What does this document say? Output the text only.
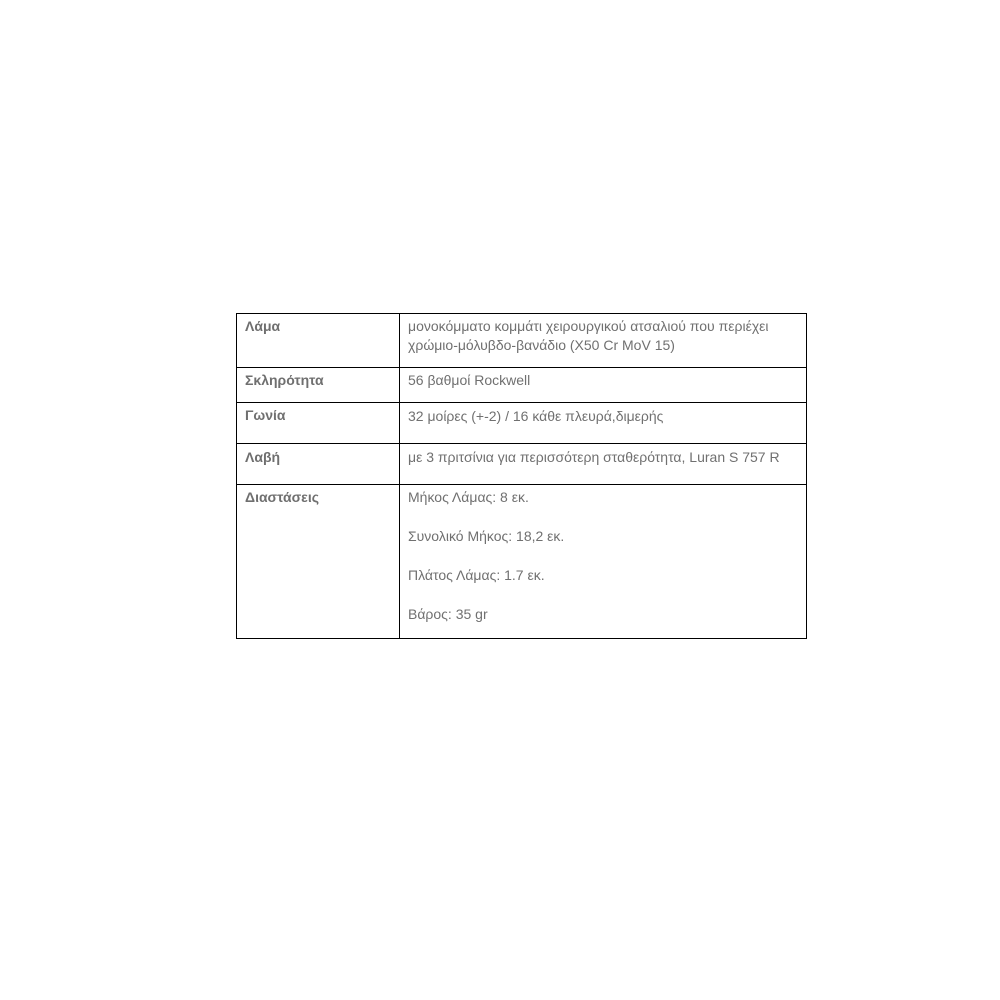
Λάμα	μονοκόμματο κομμάτι χειρουργικού ατσαλιού που περιέχει χρώμιο-μόλυβδο-βανάδιο (X50 Cr MoV 15)
Σκληρότητα	56 βαθμοί Rockwell
Γωνία	32 μοίρες (+-2) / 16 κάθε πλευρά,διμερής
Λαβή	με 3 πριτσίνια για περισσότερη σταθερότητα, Luran S 757 R
Διαστάσεις	Μήκος Λάμας: 8 εκ.
Συνολικό Μήκος: 18,2 εκ.
Πλάτος Λάμας: 1.7 εκ.
Βάρος: 35 gr
